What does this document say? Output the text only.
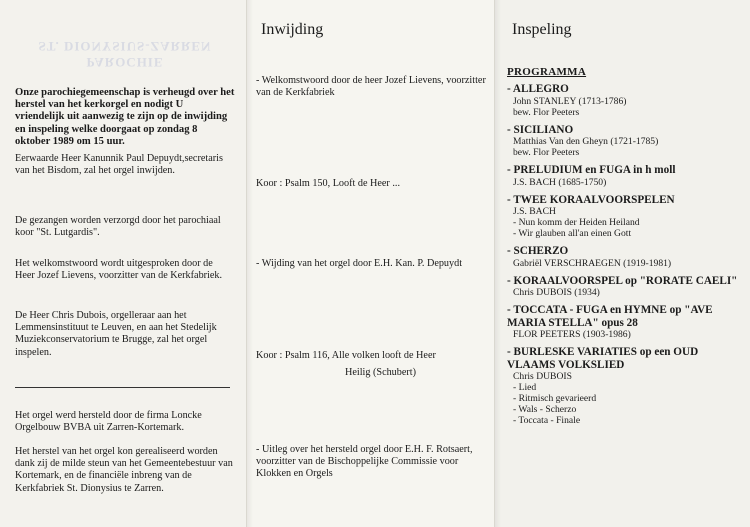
PAROCHIE
ST. DIONYSIUS-ZARREN
Onze parochiegemeenschap is verheugd over het herstel van het kerkorgel en nodigt U vriendelijk uit aanwezig te zijn op de inwijding en inspeling welke doorgaat op zondag 8 oktober 1989 om 15 uur.
Eerwaarde Heer Kanunnik Paul Depuydt,secretaris van het Bisdom, zal het orgel inwijden.
De gezangen worden verzorgd door het parochiaal koor "St. Lutgardis".
Het welkomstwoord wordt uitgesproken door de Heer Jozef Lievens, voorzitter van de Kerkfabriek.
De Heer Chris Dubois, orgelleraar aan het Lemmensinstituut te Leuven, en aan het Stedelijk Muziekconservatorium te Brugge, zal het orgel inspelen.
Het orgel werd hersteld door de firma Loncke Orgelbouw BVBA uit Zarren-Kortemark.
Het herstel van het orgel kon gerealiseerd worden dank zij de milde steun van het Gemeentebestuur van Kortemark, en de financiële inbreng van de Kerkfabriek St. Dionysius te Zarren.
Inwijding
- Welkomstwoord door de heer Jozef Lievens, voorzitter van de Kerkfabriek
Koor : Psalm 150, Looft de Heer ...
- Wijding van het orgel door E.H. Kan. P. Depuydt
Koor : Psalm 116, Alle volken looft de Heer
Heilig (Schubert)
- Uitleg over het hersteld orgel door E.H. F. Rotsaert, voorzitter van de Bischoppelijke Commissie voor Klokken en Orgels
Inspeling
PROGRAMMA
- ALLEGRO
John STANLEY (1713-1786)
bew. Flor Peeters
- SICILIANO
Matthias Van den Gheyn (1721-1785)
bew. Flor Peeters
- PRELUDIUM en FUGA in h moll
J.S. BACH (1685-1750)
- TWEE KORAALVOORSPELEN
J.S. BACH
- Nun komm der Heiden Heiland
- Wir glauben all'an einen Gott
- SCHERZO
Gabriël VERSCHRAEGEN (1919-1981)
- KORAALVOORSPEL op "RORATE CAELI"
Chris DUBOIS (1934)
- TOCCATA - FUGA en HYMNE op "AVE MARIA STELLA" opus 28
FLOR PEETERS (1903-1986)
- BURLESKE VARIATIES op een OUD VLAAMS VOLKSLIED
Chris DUBOIS
- Lied
- Ritmisch gevarieerd
- Wals - Scherzo
- Toccata - Finale
